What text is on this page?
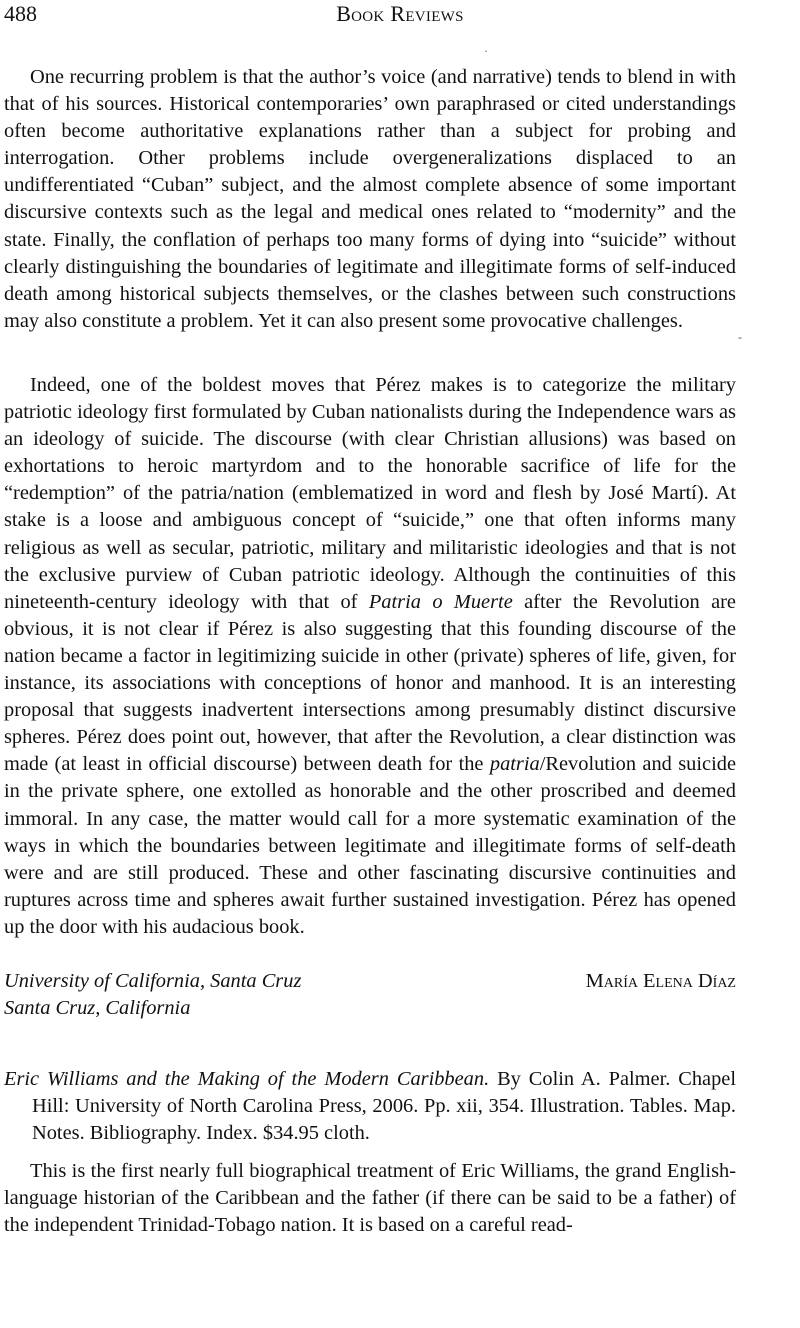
488	Book Reviews

One recurring problem is that the author’s voice (and narrative) tends to blend in with that of his sources. Historical contemporaries’ own paraphrased or cited understandings often become authoritative explanations rather than a subject for probing and interrogation. Other problems include overgeneralizations displaced to an undifferentiated “Cuban” subject, and the almost complete absence of some important discursive contexts such as the legal and medical ones related to “modernity” and the state. Finally, the conflation of perhaps too many forms of dying into “suicide” without clearly distinguishing the boundaries of legitimate and illegitimate forms of self-induced death among historical subjects themselves, or the clashes between such constructions may also constitute a problem. Yet it can also present some provocative challenges.

Indeed, one of the boldest moves that Pérez makes is to categorize the military patriotic ideology first formulated by Cuban nationalists during the Independence wars as an ideology of suicide. The discourse (with clear Christian allusions) was based on exhortations to heroic martyrdom and to the honorable sacrifice of life for the “redemption” of the patria/nation (emblematized in word and flesh by José Martí). At stake is a loose and ambiguous concept of “suicide,” one that often informs many religious as well as secular, patriotic, military and militaristic ideologies and that is not the exclusive purview of Cuban patriotic ideology. Although the continuities of this nineteenth-century ideology with that of Patria o Muerte after the Revolution are obvious, it is not clear if Pérez is also suggesting that this founding discourse of the nation became a factor in legitimizing suicide in other (private) spheres of life, given, for instance, its associations with conceptions of honor and manhood. It is an interesting proposal that suggests inadvertent intersections among presumably distinct discursive spheres. Pérez does point out, however, that after the Revolution, a clear distinction was made (at least in official discourse) between death for the patria/Revolution and suicide in the private sphere, one extolled as honorable and the other proscribed and deemed immoral. In any case, the matter would call for a more systematic examination of the ways in which the boundaries between legitimate and illegitimate forms of self-death were and are still produced. These and other fascinating discursive continuities and ruptures across time and spheres await further sustained investigation. Pérez has opened up the door with his audacious book.

University of California, Santa Cruz
Santa Cruz, California
María Elena Díaz

Eric Williams and the Making of the Modern Caribbean. By Colin A. Palmer. Chapel Hill: University of North Carolina Press, 2006. Pp. xii, 354. Illustration. Tables. Map. Notes. Bibliography. Index. $34.95 cloth.

This is the first nearly full biographical treatment of Eric Williams, the grand English-language historian of the Caribbean and the father (if there can be said to be a father) of the independent Trinidad-Tobago nation. It is based on a careful read-

·
-
